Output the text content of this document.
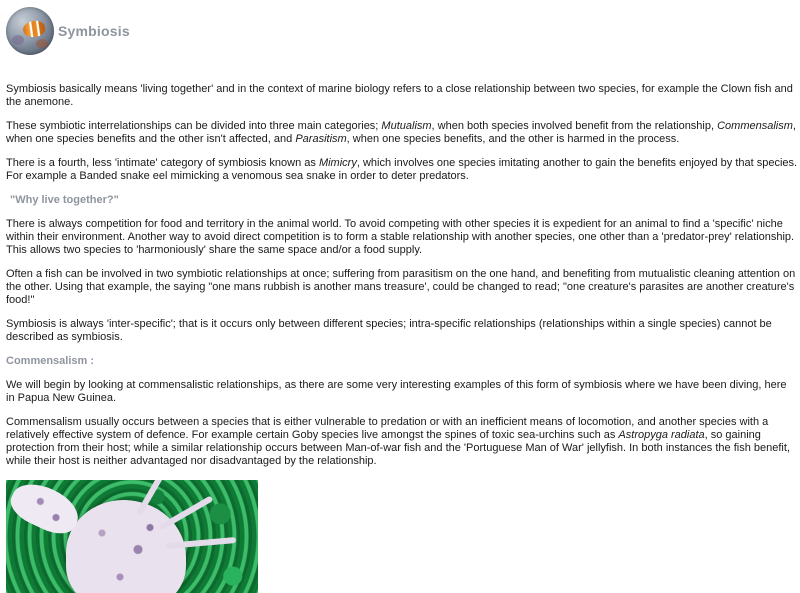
Symbiosis

Symbiosis basically means 'living together' and in the context of marine biology refers to a close relationship between two species, for example the Clown fish and the anemone.

These symbiotic interrelationships can be divided into three main categories; Mutualism, when both species involved benefit from the relationship, Commensalism, when one species benefits and the other isn't affected, and Parasitism, when one species benefits, and the other is harmed in the process.

There is a fourth, less 'intimate' category of symbiosis known as Mimicry, which involves one species imitating another to gain the benefits enjoyed by that species. For example a Banded snake eel mimicking a venomous sea snake in order to deter predators.

"Why live together?"

There is always competition for food and territory in the animal world. To avoid competing with other species it is expedient for an animal to find a 'specific' niche within their environment. Another way to avoid direct competition is to form a stable relationship with another species, one other than a 'predator-prey' relationship. This allows two species to 'harmoniously' share the same space and/or a food supply.

Often a fish can be involved in two symbiotic relationships at once; suffering from parasitism on the one hand, and benefiting from mutualistic cleaning attention on the other. Using that example, the saying "one mans rubbish is another mans treasure', could be changed to read; "one creature's parasites are another creature's food!"

Symbiosis is always 'inter-specific'; that is it occurs only between different species; intra-specific relationships (relationships within a single species) cannot be described as symbiosis.

Commensalism :

We will begin by looking at commensalistic relationships, as there are some very interesting examples of this form of symbiosis where we have been diving, here in Papua New Guinea.

Commensalism usually occurs between a species that is either vulnerable to predation or with an inefficient means of locomotion, and another species with a relatively effective system of defence. For example certain Goby species live amongst the spines of toxic sea-urchins such as Astropyga radiata, so gaining protection from their host; while a similar relationship occurs between Man-of-war fish and the 'Portuguese Man of War' jellyfish. In both instances the fish benefit, while their host is neither advantaged nor disadvantaged by the relationship.
